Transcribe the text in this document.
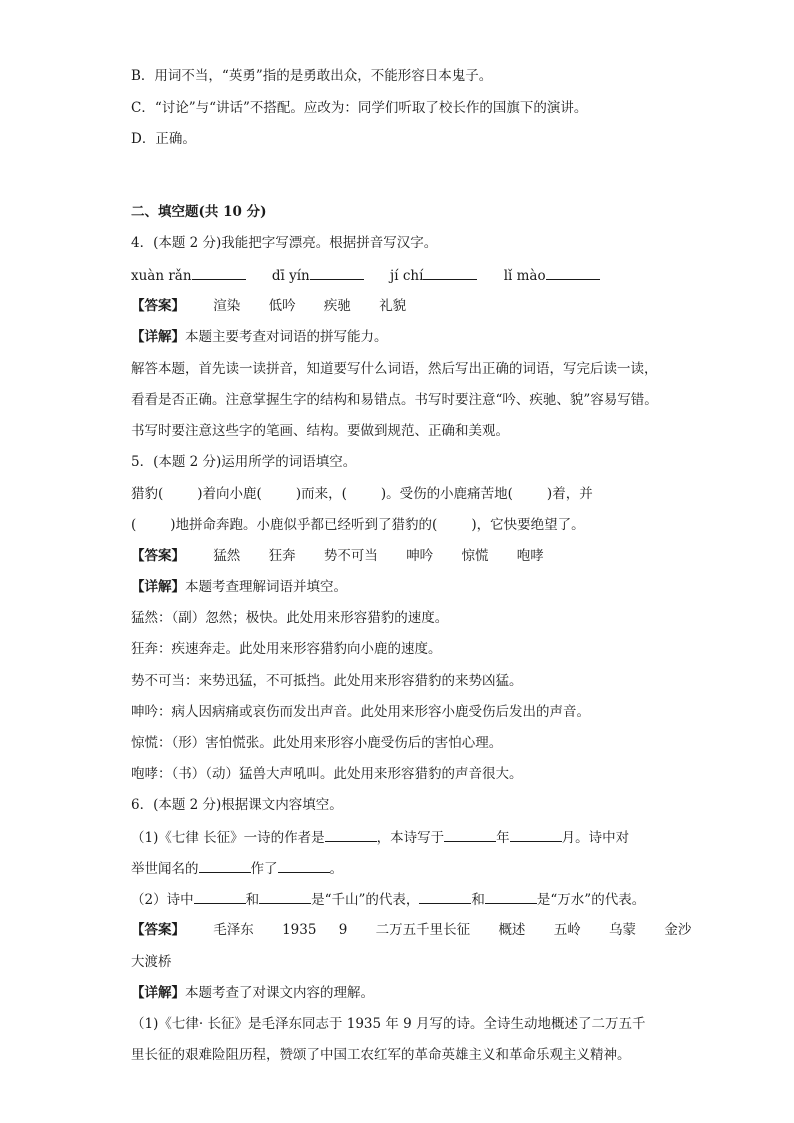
B．用词不当，“英勇”指的是勇敢出众，不能形容日本鬼子。
C．“讨论”与“讲话”不搭配。应改为：同学们听取了校长作的国旗下的演讲。
D．正确。
二、填空题(共 10 分)
4．(本题 2 分)我能把字写漂亮。根据拼音写汉字。
xuàn rǎn	dī yín	jí chí	lǐ mào
【答案】 渲染 低吟 疾驰 礼貌
【详解】本题主要考查对词语的拼写能力。
解答本题，首先读一读拼音，知道要写什么词语，然后写出正确的词语，写完后读一读，
看看是否正确。注意掌握生字的结构和易错点。书写时要注意“吟、疾驰、貌”容易写错。
书写时要注意这些字的笔画、结构。要做到规范、正确和美观。
5．(本题 2 分)运用所学的词语填空。
猎豹(	)着向小鹿(	)而来，(	)。受伤的小鹿痛苦地(	)着，并
(	)地拼命奔跑。小鹿似乎都已经听到了猎豹的(	)，它快要绝望了。
【答案】 猛然 狂奔 势不可当 呻吟 惊慌 咆哮
【详解】本题考查理解词语并填空。
猛然：（副）忽然；极快。此处用来形容猎豹的速度。
狂奔：疾速奔走。此处用来形容猎豹向小鹿的速度。
势不可当：来势迅猛，不可抵挡。此处用来形容猎豹的来势凶猛。
呻吟：病人因病痛或哀伤而发出声音。此处用来形容小鹿受伤后发出的声音。
惊慌：（形）害怕慌张。此处用来形容小鹿受伤后的害怕心理。
咆哮：（书）（动）猛兽大声吼叫。此处用来形容猎豹的声音很大。
6．(本题 2 分)根据课文内容填空。
（1)《七律 长征》一诗的作者是	，本诗写于	年	月。诗中对
举世闻名的	作了	。
（2）诗中	和	是“千山”的代表，	和	是“万水”的代表。
【答案】 毛泽东 1935 9 二万五千里长征 概述 五岭 乌蒙 金沙
大渡桥
【详解】本题考查了对课文内容的理解。
（1)《七律· 长征》是毛泽东同志于 1935 年 9 月写的诗。全诗生动地概述了二万五千
里长征的艰难险阻历程，赞颂了中国工农红军的革命英雄主义和革命乐观主义精神。
